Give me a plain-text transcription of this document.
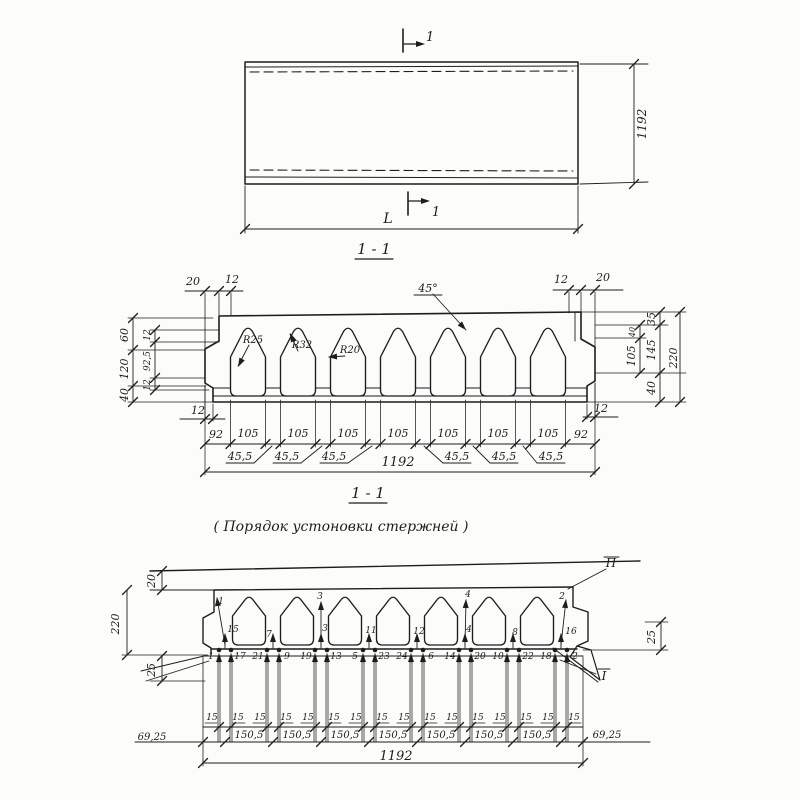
1
1
L
1192
1 - 1
20 12	12	20
45°
R25	R32	R20
60
120
40
12
92,5
12
12
35
145
40
40
105	220
12
92 105	105	105	105	105	105	105 92
45,5 45,5 45,5	45,5 45,5 45,5
1192
1 - 1
( Порядок устоновки стержней )
20
220
25
25
П
I
1	3	4	2
15	7
3	11	12	4	8	16
1 17 21 9 19 13 5 23 24 6 14 20 10 22 18 2
15 15 15 15 15 15 15 15 15 15 15 15 15 15 15 15
150,5 150,5 150,5 150,5 150,5 150,5 150,5
69,25	69,25
1192
